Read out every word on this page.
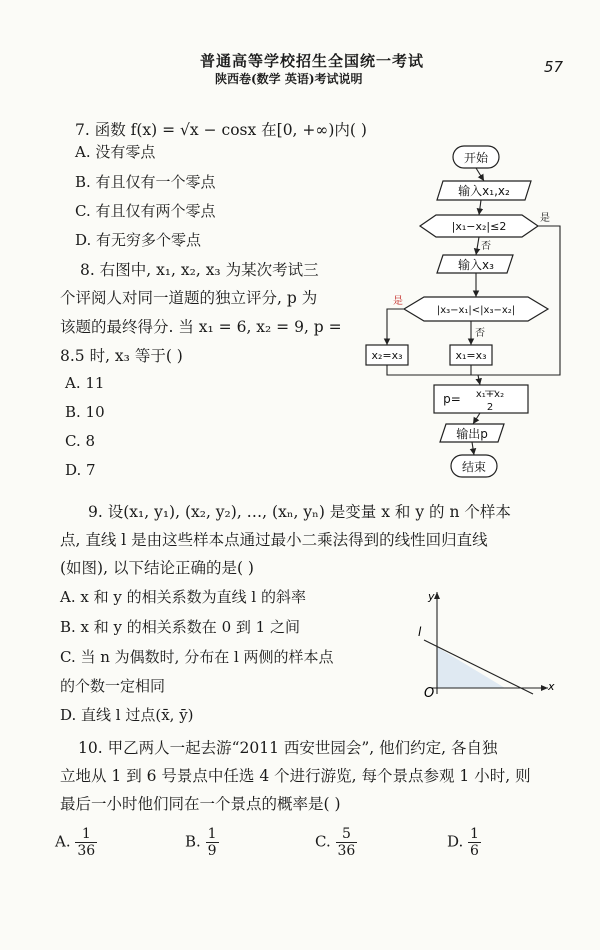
普通高等学校招生全国统一考试
陕西卷(数学 英语)考试说明
57
7. 函数 f(x) = √x − cosx 在[0, +∞)内( )
A. 没有零点
B. 有且仅有一个零点
C. 有且仅有两个零点
D. 有无穷多个零点
8. 右图中, x₁, x₂, x₃ 为某次考试三
个评阅人对同一道题的独立评分, p 为
该题的最终得分. 当 x₁ = 6, x₂ = 9, p =
8.5 时, x₃ 等于( )
A. 11
B. 10
C. 8
D. 7
开始
输入x₁,x₂
|x₁−x₂|≤2
输入x₃
|x₃−x₁|<|x₃−x₂|
x₂=x₃	x₁=x₃
p= x₁+x₂
2
输出p
结束
是
否
是
否
9. 设(x₁, y₁), (x₂, y₂), …, (xₙ, yₙ) 是变量 x 和 y 的 n 个样本
点, 直线 l 是由这些样本点通过最小二乘法得到的线性回归直线
(如图), 以下结论正确的是( )
A. x 和 y 的相关系数为直线 l 的斜率
B. x 和 y 的相关系数在 0 到 1 之间
C. 当 n 为偶数时, 分布在 l 两侧的样本点
的个数一定相同
D. 直线 l 过点(x̄, ȳ)
y
x
O
l
10. 甲乙两人一起去游“2011 西安世园会”, 他们约定, 各自独
立地从 1 到 6 号景点中任选 4 个进行游览, 每个景点参观 1 小时, 则
最后一小时他们同在一个景点的概率是( )
A. $\frac{1}{36}$	B. $\frac{1}{9}$	C. $\frac{5}{36}$	D. $\frac{1}{6}$
